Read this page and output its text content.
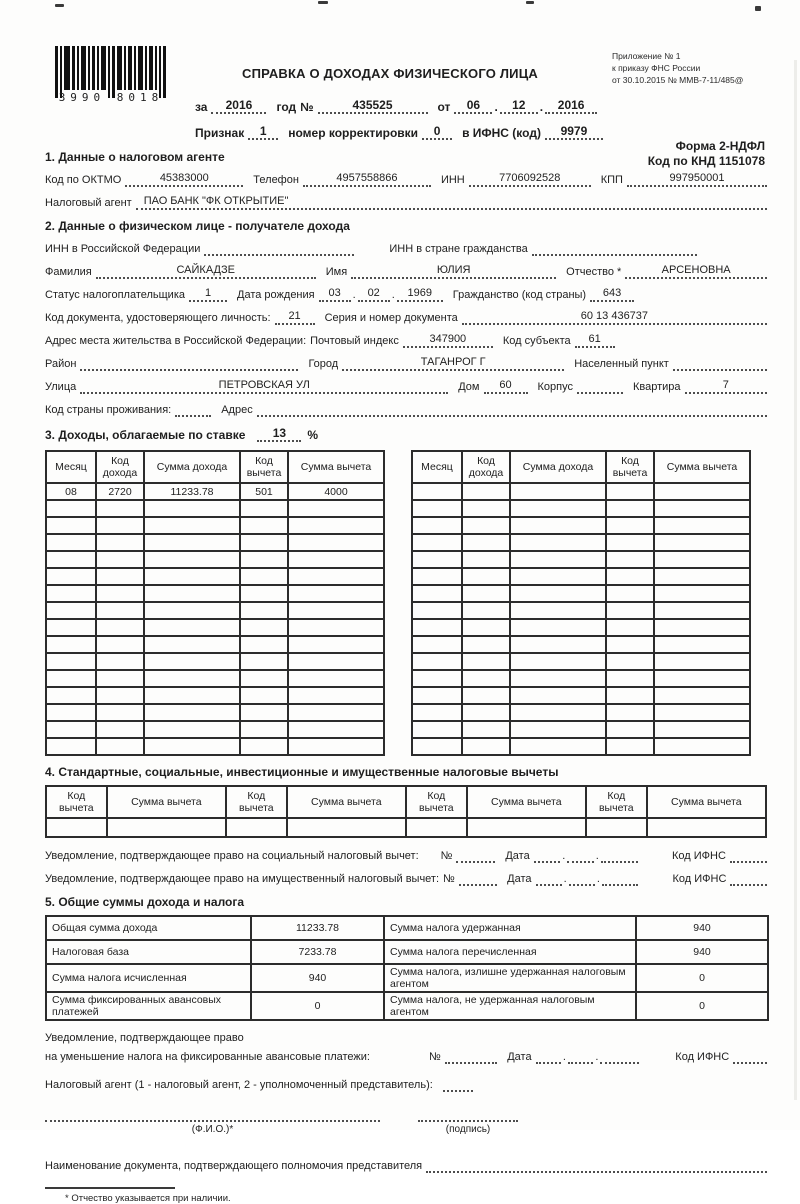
3990 8018
СПРАВКА О ДОХОДАХ ФИЗИЧЕСКОГО ЛИЦА
Приложение № 1
к приказу ФНС России
от 30.10.2015 № ММВ-7-11/485@
за	2016	год №	435525	от	06	.	12	.	2016
Признак	1	номер корректировки	0	в ИФНС (код)	9979
Форма 2-НДФЛ
Код по КНД 1151078
1. Данные о налоговом агенте
Код по ОКТМО	45383000	Телефон	4957558866	ИНН	7706092528	КПП	997950001
Налоговый агент	ПАО БАНК "ФК ОТКРЫТИЕ"
2. Данные о физическом лице - получателе дохода
ИНН в Российской Федерации	ИНН в стране гражданства
Фамилия	САЙКАДЗЕ	Имя	ЮЛИЯ	Отчество *	АРСЕНОВНА
Статус налогоплательщика	1	Дата рождения	03	.	02	.	1969	Гражданство (код страны)	643
Код документа, удостоверяющего личность:	21	Серия и номер документа	60 13 436737
Адрес места жительства в Российской Федерации: Почтовый индекс	347900	Код субъекта	61
Район	Город	ТАГАНРОГ Г	Населенный пункт
Улица	ПЕТРОВСКАЯ УЛ	Дом	60	Корпус	Квартира	7
Код страны проживания:	Адрес
3. Доходы, облагаемые по ставке	13	%
Месяц	Код дохода	Сумма дохода	Код вычета	Сумма вычета
08	2720	11233.78	501	4000

Месяц	Код дохода	Сумма дохода	Код вычета	Сумма вычета

4. Стандартные, социальные, инвестиционные и имущественные налоговые вычеты
Код вычета	Сумма вычета	Код вычета	Сумма вычета	Код вычета	Сумма вычета	Код вычета	Сумма вычета

Уведомление, подтверждающее право на социальный налоговый вычет:	№	Дата	.	.	Код ИФНС
Уведомление, подтверждающее право на имущественный налоговый вычет: №	Дата	.	.	Код ИФНС
5. Общие суммы дохода и налога
Общая сумма дохода	11233.78	Сумма налога удержанная	940
Налоговая база	7233.78	Сумма налога перечисленная	940
Сумма налога исчисленная	940	Сумма налога, излишне удержанная налоговым агентом	0
Сумма фиксированных авансовых платежей	0	Сумма налога, не удержанная налоговым агентом	0
Уведомление, подтверждающее право
на уменьшение налога на фиксированные авансовые платежи:	№	Дата	.	.	Код ИФНС
Налоговый агент (1 - налоговый агент, 2 - уполномоченный представитель):
(Ф.И.О.)*	(подпись)
Наименование документа, подтверждающего полномочия представителя
* Отчество указывается при наличии.
